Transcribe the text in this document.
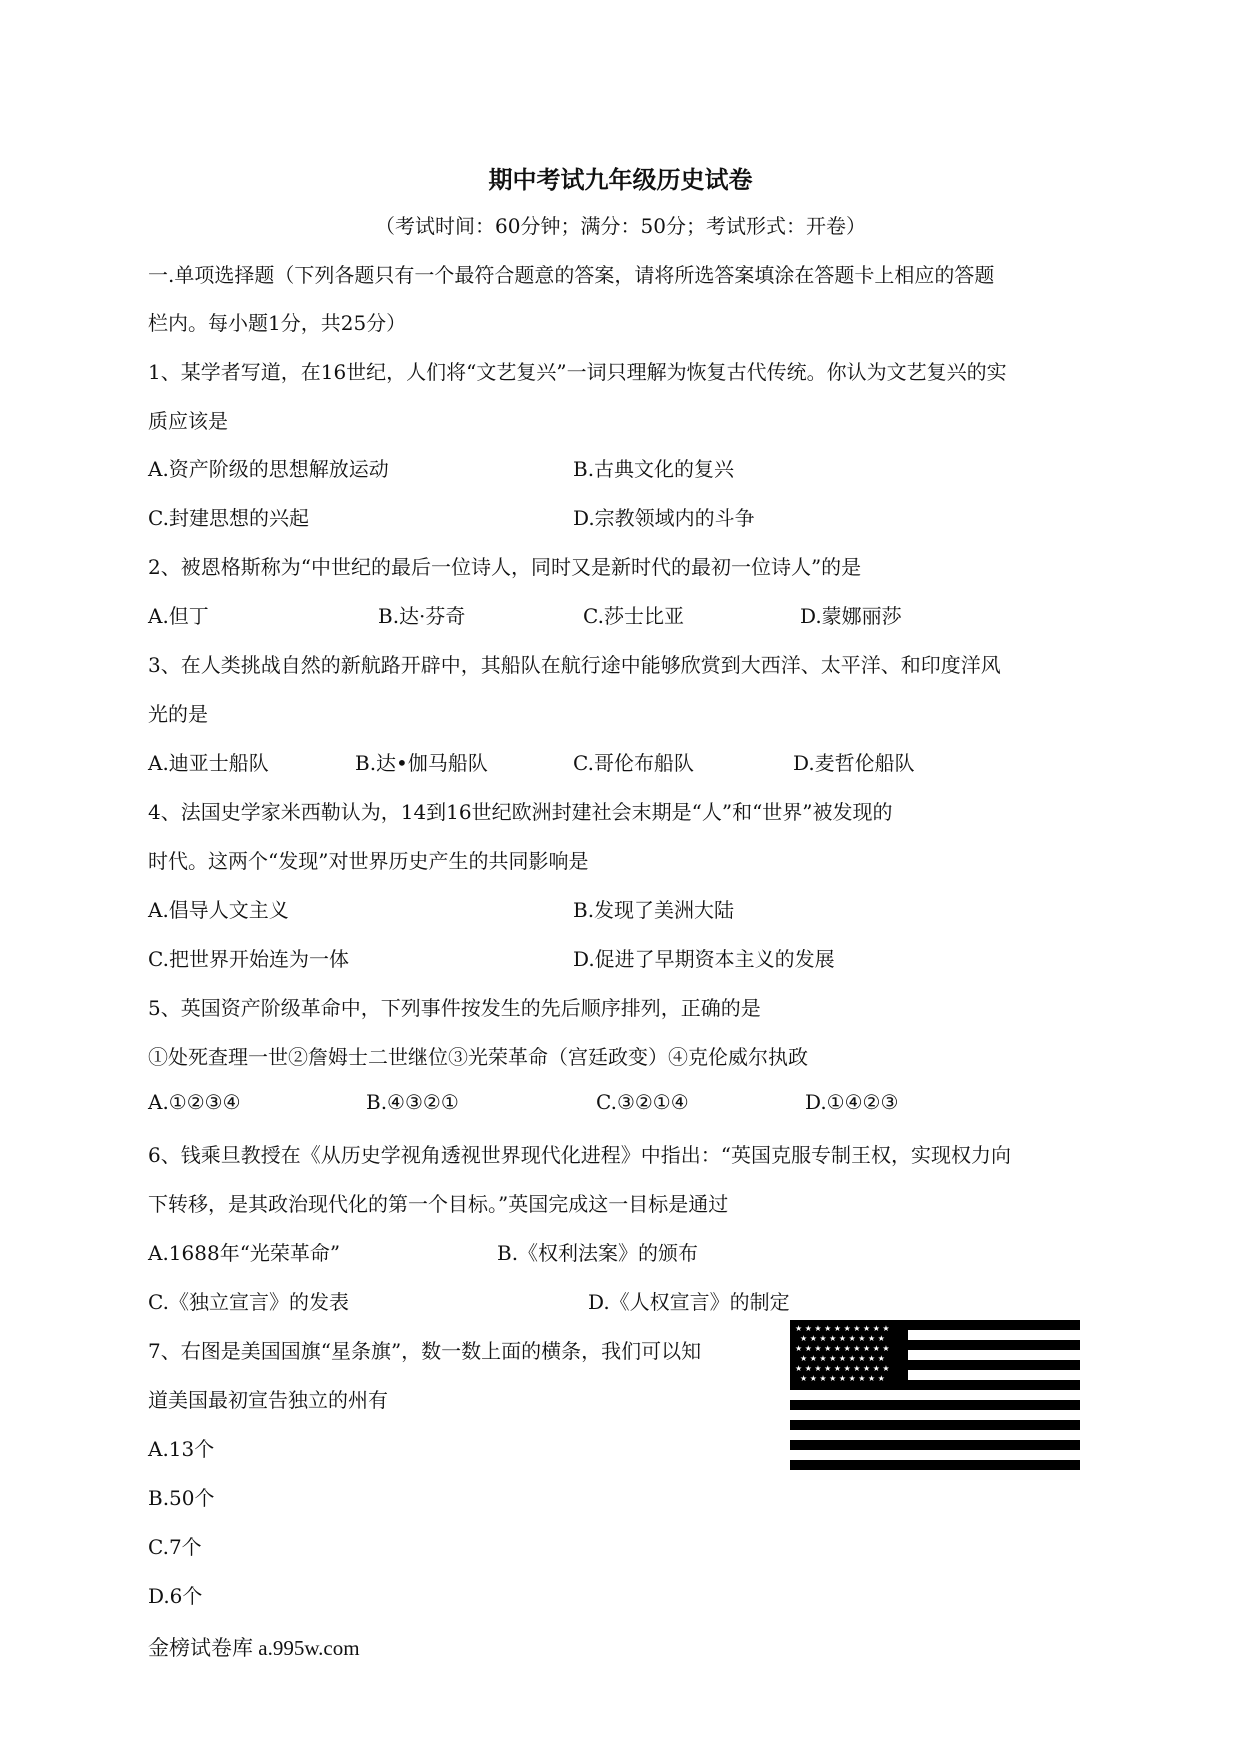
期中考试九年级历史试卷
（考试时间：60分钟；满分：50分；考试形式：开卷）
一.单项选择题（下列各题只有一个最符合题意的答案，请将所选答案填涂在答题卡上相应的答题
栏内。每小题1分，共25分）
1、某学者写道，在16世纪，人们将“文艺复兴”一词只理解为恢复古代传统。你认为文艺复兴的实
质应该是
A.资产阶级的思想解放运动	B.古典文化的复兴
C.封建思想的兴起	D.宗教领域内的斗争
2、被恩格斯称为“中世纪的最后一位诗人，同时又是新时代的最初一位诗人”的是
A.但丁	B.达·芬奇	C.莎士比亚	D.蒙娜丽莎
3、在人类挑战自然的新航路开辟中，其船队在航行途中能够欣赏到大西洋、太平洋、和印度洋风
光的是
A.迪亚士船队	B.达•伽马船队	C.哥伦布船队	D.麦哲伦船队
4、法国史学家米西勒认为，14到16世纪欧洲封建社会末期是“人”和“世界”被发现的
时代。这两个“发现”对世界历史产生的共同影响是
A.倡导人文主义	B.发现了美洲大陆
C.把世界开始连为一体	D.促进了早期资本主义的发展
5、英国资产阶级革命中，下列事件按发生的先后顺序排列，正确的是
①处死查理一世②詹姆士二世继位③光荣革命（宫廷政变）④克伦威尔执政
A.①②③④	B.④③②①	C.③②①④	D.①④②③
6、钱乘旦教授在《从历史学视角透视世界现代化进程》中指出：“英国克服专制王权，实现权力向
下转移，是其政治现代化的第一个目标。”英国完成这一目标是通过
A.1688年“光荣革命”	B.《权利法案》的颁布
C.《独立宣言》的发表	D.《人权宣言》的制定
7、右图是美国国旗“星条旗”，数一数上面的横条，我们可以知
道美国最初宣告独立的州有
A.13个
B.50个
C.7个
D.6个
★ ★ ★ ★ ★ ★ ★ ★ ★ ★
★ ★ ★ ★ ★ ★ ★ ★ ★
★ ★ ★ ★ ★ ★ ★ ★ ★ ★
★ ★ ★ ★ ★ ★ ★ ★ ★
★ ★ ★ ★ ★ ★ ★ ★ ★ ★
★ ★ ★ ★ ★ ★ ★ ★ ★
金榜试卷库 a.995w.com
